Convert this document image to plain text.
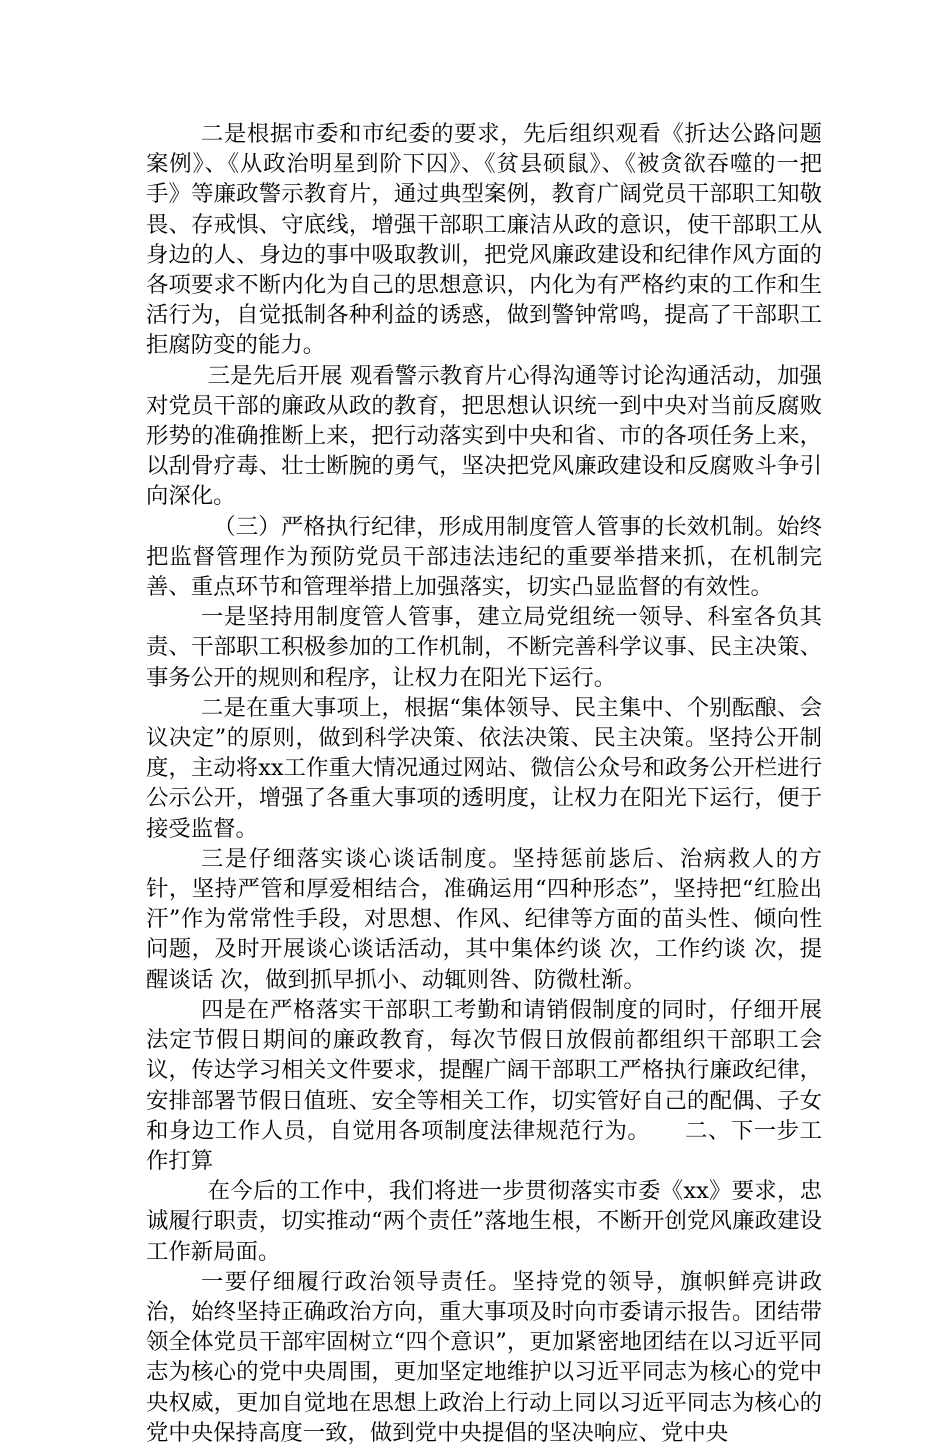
二是根据市委和市纪委的要求，先后组织观看《折达公路问题案例》、《从政治明星到阶下囚》、《贫县硕鼠》、《被贪欲吞噬的一把手》等廉政警示教育片，通过典型案例，教育广阔党员干部职工知敬畏、存戒惧、守底线，增强干部职工廉洁从政的意识，使干部职工从身边的人、身边的事中吸取教训，把党风廉政建设和纪律作风方面的各项要求不断内化为自己的思想意识，内化为有严格约束的工作和生活行为，自觉抵制各种利益的诱惑，做到警钟常鸣，提高了干部职工拒腐防变的能力。

三是先后开展 观看警示教育片心得沟通等讨论沟通活动，加强对党员干部的廉政从政的教育，把思想认识统一到中央对当前反腐败形势的准确推断上来，把行动落实到中央和省、市的各项任务上来，以刮骨疗毒、壮士断腕的勇气，坚决把党风廉政建设和反腐败斗争引向深化。

（三）严格执行纪律，形成用制度管人管事的长效机制。始终把监督管理作为预防党员干部违法违纪的重要举措来抓，在机制完善、重点环节和管理举措上加强落实，切实凸显监督的有效性。

一是坚持用制度管人管事，建立局党组统一领导、科室各负其责、干部职工积极参加的工作机制，不断完善科学议事、民主决策、事务公开的规则和程序，让权力在阳光下运行。

二是在重大事项上，根据“集体领导、民主集中、个别酝酿、会议决定”的原则，做到科学决策、依法决策、民主决策。坚持公开制度，主动将xx工作重大情况通过网站、微信公众号和政务公开栏进行公示公开，增强了各重大事项的透明度，让权力在阳光下运行，便于接受监督。

三是仔细落实谈心谈话制度。坚持惩前毖后、治病救人的方针，坚持严管和厚爱相结合，准确运用“四种形态”，坚持把“红脸出汗”作为常常性手段，对思想、作风、纪律等方面的苗头性、倾向性问题，及时开展谈心谈话活动，其中集体约谈 次，工作约谈 次，提醒谈话 次，做到抓早抓小、动辄则咎、防微杜渐。

四是在严格落实干部职工考勤和请销假制度的同时，仔细开展法定节假日期间的廉政教育，每次节假日放假前都组织干部职工会议，传达学习相关文件要求，提醒广阔干部职工严格执行廉政纪律，安排部署节假日值班、安全等相关工作，切实管好自己的配偶、子女和身边工作人员，自觉用各项制度法律规范行为。　　二、下一步工作打算

在今后的工作中，我们将进一步贯彻落实市委《xx》要求，忠诚履行职责，切实推动“两个责任”落地生根，不断开创党风廉政建设工作新局面。

一要仔细履行政治领导责任。坚持党的领导，旗帜鲜亮讲政治，始终坚持正确政治方向，重大事项及时向市委请示报告。团结带领全体党员干部牢固树立“四个意识”，更加紧密地团结在以习近平同志为核心的党中央周围，更加坚定地维护以习近平同志为核心的党中央权威，更加自觉地在思想上政治上行动上同以习近平同志为核心的党中央保持高度一致，做到党中央提倡的坚决响应、党中央
